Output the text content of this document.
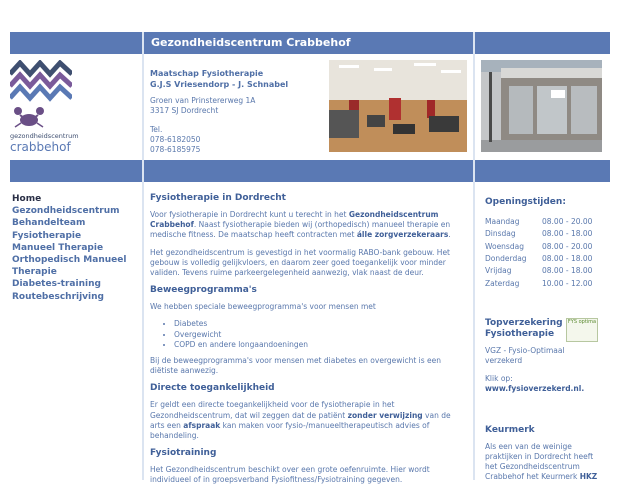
Gezondheidscentrum Crabbehof
gezondheidscentrum
crabbehof
Maatschap Fysiotherapie
G.J.S Vriesendorp - J. Schnabel
Groen van Prinstererweg 1A
3317 SJ Dordrecht
Tel.
078-6182050
078-6185975
Home
Gezondheidscentrum
Behandelteam
Fysiotherapie
Manueel Therapie
Orthopedisch Manueel
Therapie
Diabetes-training
Routebeschrijving
Fysiotherapie in Dordrecht

Voor fysiotherapie in Dordrecht kunt u terecht in het Gezondheidscentrum Crabbehof. Naast fysiotherapie bieden wij (orthopedisch) manueel therapie en medische fitness. De maatschap heeft contracten met álle zorgverzekeraars.

Het gezondheidscentrum is gevestigd in het voormalig RABO-bank gebouw. Het gebouw is volledig gelijkvloers, en daarom zeer goed toegankelijk voor minder validen. Tevens ruime parkeergelegenheid aanwezig, vlak naast de deur.

Beweegprogramma's

We hebben speciale beweegprogramma's voor mensen met

• Diabetes
• Overgewicht
• COPD en andere longaandoeningen

Bij de beweegprogramma's voor mensen met diabetes en overgewicht is een diëtiste aanwezig.

Directe toegankelijkheid

Er geldt een directe toegankelijkheid voor de fysiotherapie in het Gezondheidscentrum, dat wil zeggen dat de patiënt zonder verwijzing van de arts een afspraak kan maken voor fysio-/manueeltherapeutisch advies of behandeling.

Fysiotraining

Het Gezondheidscentrum beschikt over een grote oefenruimte. Hier wordt individueel of in groepsverband Fysiofitness/Fysiotraining gegeven.

Openingstijden:
Maandag	08.00 - 20.00
Dinsdag	08.00 - 18.00
Woensdag	08.00 - 20.00
Donderdag	08.00 - 18.00
Vrijdag	08.00 - 18.00
Zaterdag	10.00 - 12.00
Topverzekering
Fysiotherapie
VGZ - Fysio-Optimaal verzekerd
Klik op:
www.fysioverzekerd.nl.
FYS optima
Keurmerk
Als een van de weinige praktijken in Dordrecht heeft het Gezondheidscentrum Crabbehof het Keurmerk HKZ
